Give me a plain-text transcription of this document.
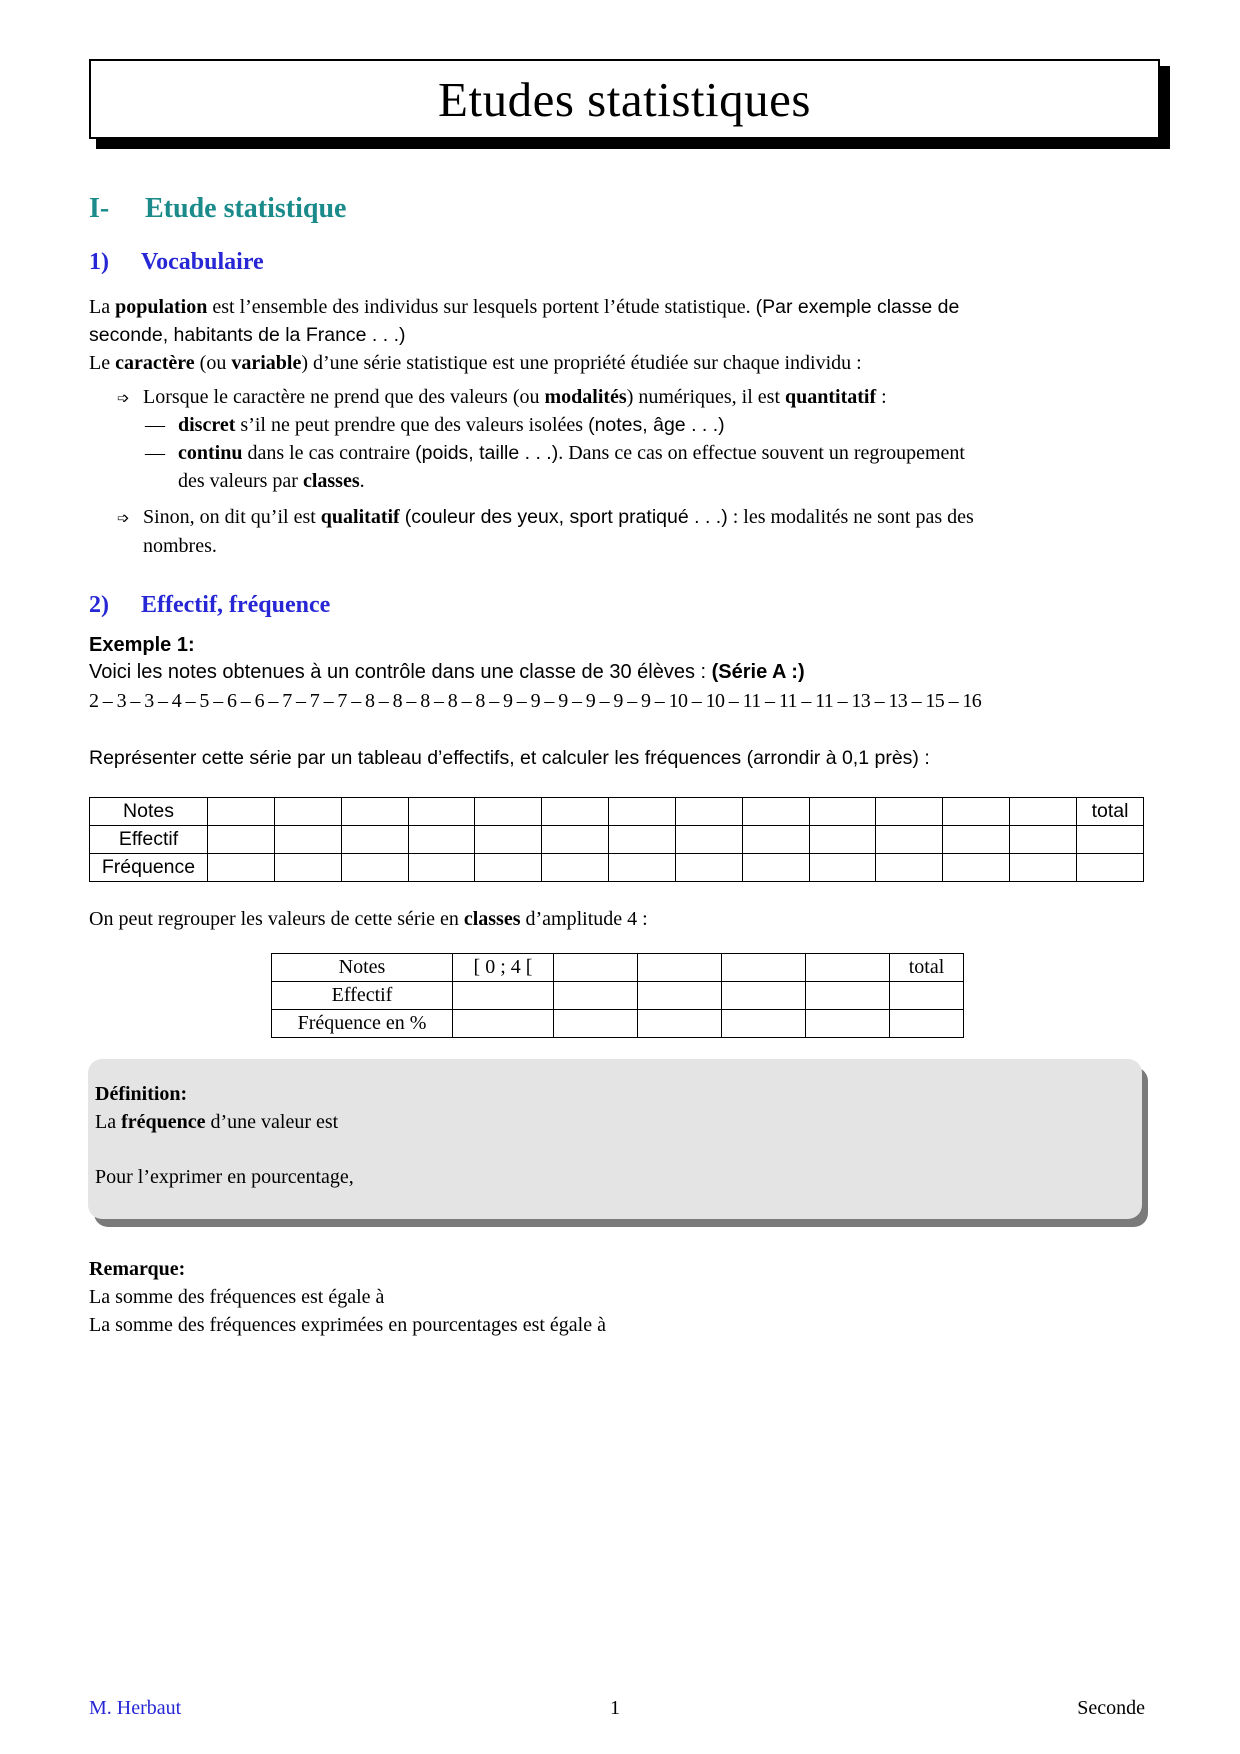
Etudes statistiques
I- Etude statistique
1) Vocabulaire
La population est l’ensemble des individus sur lesquels portent l’étude statistique. (Par exemple classe de
seconde, habitants de la France . . .)
Le caractère (ou variable) d’une série statistique est une propriété étudiée sur chaque individu :
➩ Lorsque le caractère ne prend que des valeurs (ou modalités) numériques, il est quantitatif :
— discret s’il ne peut prendre que des valeurs isolées (notes, âge . . .)
— continu dans le cas contraire (poids, taille . . .). Dans ce cas on effectue souvent un regroupement
des valeurs par classes.
➩ Sinon, on dit qu’il est qualitatif (couleur des yeux, sport pratiqué . . .) : les modalités ne sont pas des
nombres.
2) Effectif, fréquence
Exemple 1:
Voici les notes obtenues à un contrôle dans une classe de 30 élèves : (Série A :)
2 – 3 – 3 – 4 – 5 – 6 – 6 – 7 – 7 – 7 – 8 – 8 – 8 – 8 – 8 – 9 – 9 – 9 – 9 – 9 – 9 – 10 – 10 – 11 – 11 – 11 – 13 – 13 – 15 – 16
Représenter cette série par un tableau d’effectifs, et calculer les fréquences (arrondir à 0,1 près) :
Notes														total
Effectif														
Fréquence														
On peut regrouper les valeurs de cette série en classes d’amplitude 4 :
Notes	[ 0 ; 4 [					total
Effectif						
Fréquence en %						
Définition:
La fréquence d’une valeur est
Pour l’exprimer en pourcentage,
Remarque:
La somme des fréquences est égale à
La somme des fréquences exprimées en pourcentages est égale à
M. Herbaut	1	Seconde
